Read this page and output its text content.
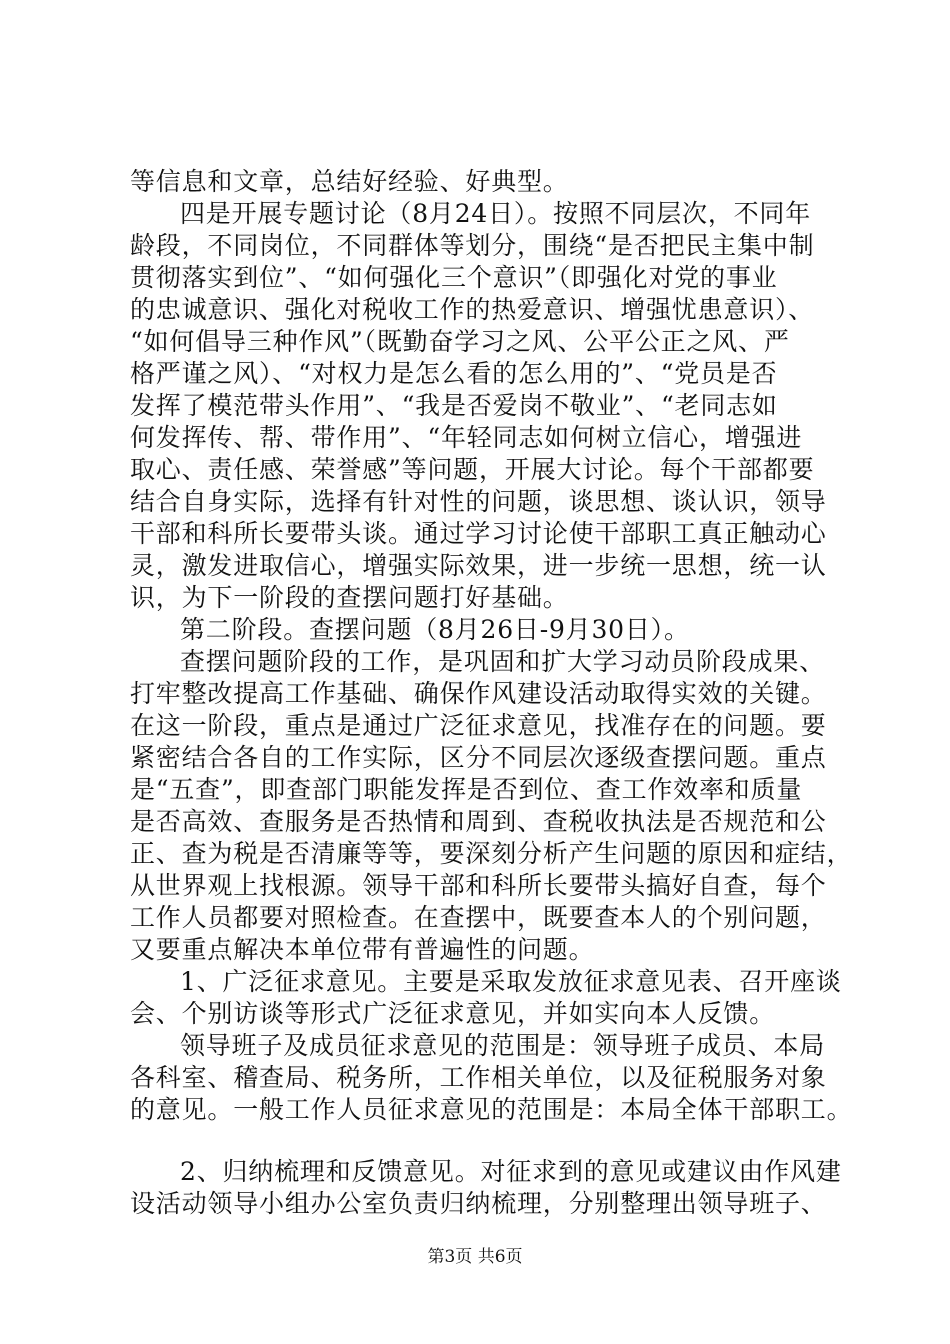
等信息和文章，总结好经验、好典型。
四是开展专题讨论（8月24日）。按照不同层次，不同年
龄段，不同岗位，不同群体等划分，围绕“是否把民主集中制
贯彻落实到位”、“如何强化三个意识”（即强化对党的事业
的忠诚意识、强化对税收工作的热爱意识、增强忧患意识）、
“如何倡导三种作风”（既勤奋学习之风、公平公正之风、严
格严谨之风）、“对权力是怎么看的怎么用的”、“党员是否
发挥了模范带头作用”、“我是否爱岗不敬业”、“老同志如
何发挥传、帮、带作用”、“年轻同志如何树立信心，增强进
取心、责任感、荣誉感”等问题，开展大讨论。每个干部都要
结合自身实际，选择有针对性的问题，谈思想、谈认识，领导
干部和科所长要带头谈。通过学习讨论使干部职工真正触动心
灵，激发进取信心，增强实际效果，进一步统一思想，统一认
识，为下一阶段的查摆问题打好基础。
第二阶段。查摆问题（8月26日-9月30日）。
查摆问题阶段的工作，是巩固和扩大学习动员阶段成果、
打牢整改提高工作基础、确保作风建设活动取得实效的关键。
在这一阶段，重点是通过广泛征求意见，找准存在的问题。要
紧密结合各自的工作实际，区分不同层次逐级查摆问题。重点
是“五查”，即查部门职能发挥是否到位、查工作效率和质量
是否高效、查服务是否热情和周到、查税收执法是否规范和公
正、查为税是否清廉等等，要深刻分析产生问题的原因和症结，
从世界观上找根源。领导干部和科所长要带头搞好自查，每个
工作人员都要对照检查。在查摆中，既要查本人的个别问题，
又要重点解决本单位带有普遍性的问题。
1、广泛征求意见。主要是采取发放征求意见表、召开座谈
会、个别访谈等形式广泛征求意见，并如实向本人反馈。
领导班子及成员征求意见的范围是：领导班子成员、本局
各科室、稽查局、税务所，工作相关单位，以及征税服务对象
的意见。一般工作人员征求意见的范围是：本局全体干部职工。
2、归纳梳理和反馈意见。对征求到的意见或建议由作风建
设活动领导小组办公室负责归纳梳理，分别整理出领导班子、
第3页 共6页
